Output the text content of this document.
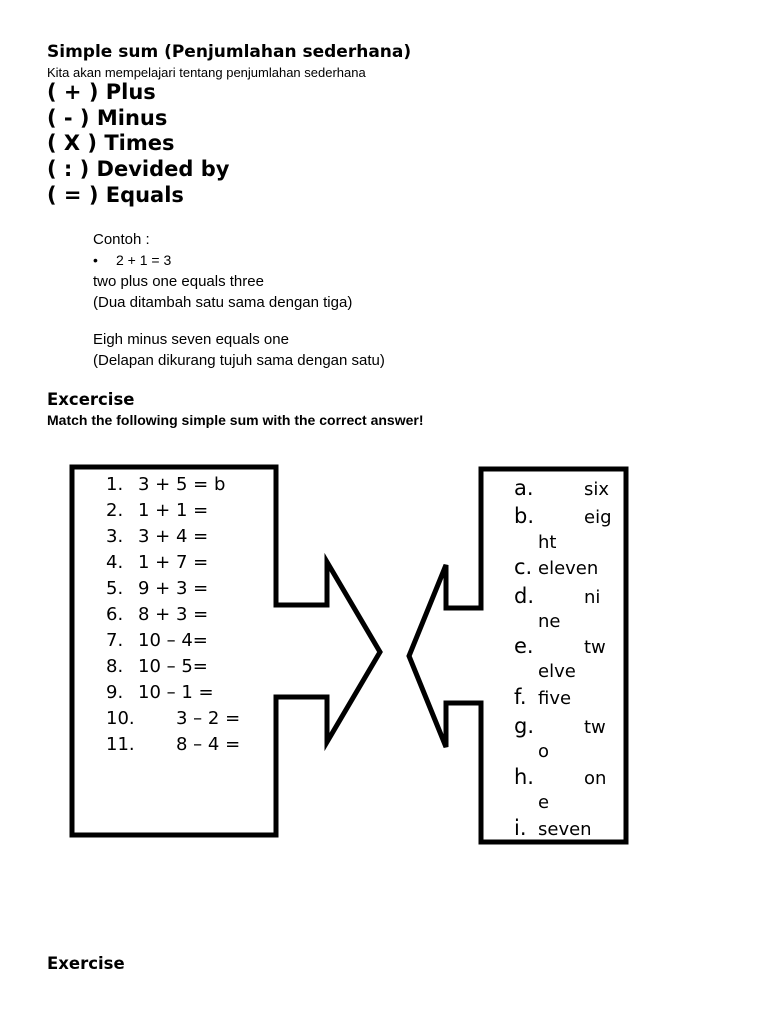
Simple sum (Penjumlahan sederhana)
Kita akan mempelajari tentang penjumlahan sederhana
( + ) Plus
( - ) Minus
( X ) Times
( : ) Devided by
( = ) Equals
Contoh :
• 2 + 1 = 3
two plus one equals three
(Dua ditambah satu sama dengan tiga)
Eigh minus seven equals one
(Delapan dikurang tujuh sama dengan satu)
Excercise
Match the following simple sum with the correct answer!
1. 3 + 5 = b
2. 1 + 1 =
3. 3 + 4 =
4. 1 + 7 =
5. 9 + 3 =
6. 8 + 3 =
7. 10 – 4=
8. 10 – 5=
9. 10 – 1 =
10. 3 – 2 =
11. 8 – 4 =
a.	six
b.	eig
ht
c. eleven
d.	ni
ne
e.	tw
elve
f. five
g.	tw
o
h.	on
e
i. seven
Exercise
